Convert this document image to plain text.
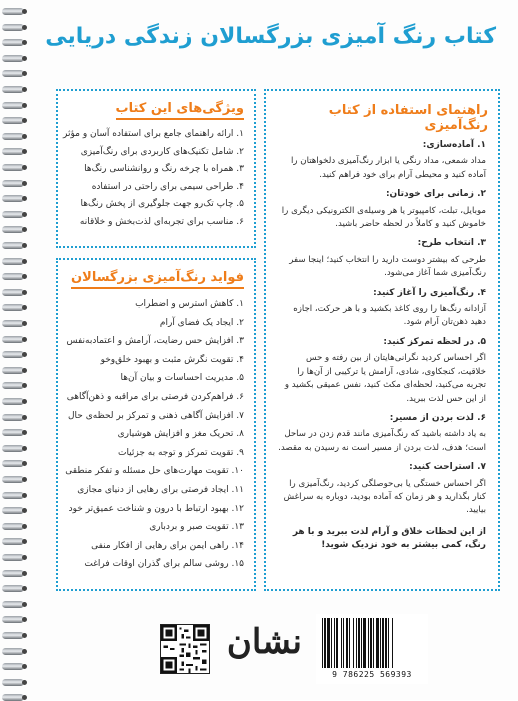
کتاب رنگ آمیزی بزرگسالان زندگی دریایی
راهنمای استفاده از کتاب رنگ‌آمیزی
۱. آماده‌سازی:
مداد شمعی، مداد رنگی یا ابزار رنگ‌آمیزی دلخواهتان را آماده کنید و محیطی آرام برای خود فراهم کنید.
۲. زمانی برای خودتان:
موبایل، تبلت، کامپیوتر یا هر وسیله‌ی الکترونیکی دیگری را خاموش کنید و کاملاً در لحظه حاضر باشید.
۳. انتخاب طرح:
طرحی که بیشتر دوست دارید را انتخاب کنید؛ اینجا سفر رنگ‌آمیزی شما آغاز می‌شود.
۴. رنگ‌آمیزی را آغاز کنید:
آزادانه رنگ‌ها را روی کاغذ بکشید و با هر حرکت، اجازه دهید ذهن‌تان آرام شود.
۵. در لحظه تمرکز کنید:
اگر احساس کردید نگرانی‌هایتان از بین رفته و حس خلاقیت، کنجکاوی، شادی، آرامش یا ترکیبی از آن‌ها را تجربه می‌کنید، لحظه‌ای مکث کنید، نفس عمیقی بکشید و از این حس لذت ببرید.
۶. لذت بردن از مسیر:
به یاد داشته باشید که رنگ‌آمیزی مانند قدم زدن در ساحل است؛ هدف، لذت بردن از مسیر است نه رسیدن به مقصد.
۷. استراحت کنید:
اگر احساس خستگی یا بی‌حوصلگی کردید، رنگ‌آمیزی را کنار بگذارید و هر زمان که آماده بودید، دوباره به سراغش بیایید.
از این لحظات خلاق و آرام لذت ببرید و با هر رنگ، کمی بیشتر به خود نزدیک شوید!
ویژگی‌های این کتاب
۱. ارائه راهنمای جامع برای استفاده آسان و مؤثر
۲. شامل تکنیک‌های کاربردی برای رنگ‌آمیزی
۳. همراه با چرخه رنگ و روانشناسی رنگ‌ها
۴. طراحی سیمی برای راحتی در استفاده
۵. چاپ تک‌رو جهت جلوگیری از پخش رنگ‌ها
۶. مناسب برای تجربه‌ای لذت‌بخش و خلاقانه
فواید رنگ‌آمیزی بزرگسالان
۱. کاهش استرس و اضطراب
۲. ایجاد یک فضای آرام
۳. افزایش حس رضایت، آرامش و اعتمادبه‌نفس
۴. تقویت نگرش مثبت و بهبود خلق‌وخو
۵. مدیریت احساسات و بیان آن‌ها
۶. فراهم‌کردن فرصتی برای مراقبه و ذهن‌آگاهی
۷. افزایش آگاهی ذهنی و تمرکز بر لحظه‌ی حال
۸. تحریک مغز و افزایش هوشیاری
۹. تقویت تمرکز و توجه به جزئیات
۱۰. تقویت مهارت‌های حل مسئله و تفکر منطقی
۱۱. ایجاد فرصتی برای رهایی از دنیای مجازی
۱۲. بهبود ارتباط با درون و شناخت عمیق‌تر خود
۱۳. تقویت صبر و بردباری
۱۴. راهی ایمن برای رهایی از افکار منفی
۱۵. روشی سالم برای گذران اوقات فراغت
نشان
9 786225 569393
